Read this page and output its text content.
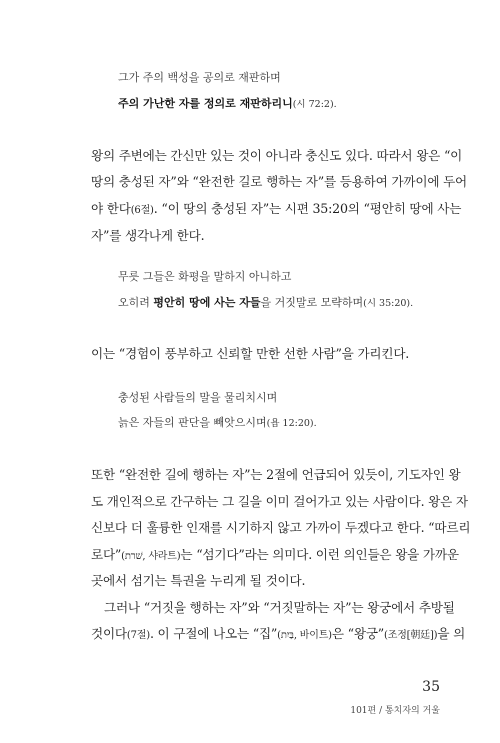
그가 주의 백성을 공의로 재판하며
주의 가난한 자를 정의로 재판하리니(시 72:2).
왕의 주변에는 간신만 있는 것이 아니라 충신도 있다. 따라서 왕은 “이
땅의 충성된 자”와 “완전한 길로 행하는 자”를 등용하여 가까이에 두어
야 한다(6절). “이 땅의 충성된 자”는 시편 35:20의 “평안히 땅에 사는
자”를 생각나게 한다.
무릇 그들은 화평을 말하지 아니하고
오히려 평안히 땅에 사는 자들을 거짓말로 모략하며(시 35:20).
이는 “경험이 풍부하고 신뢰할 만한 선한 사람”을 가리킨다.
충성된 사람들의 말을 물리치시며
늙은 자들의 판단을 빼앗으시며(욥 12:20).
또한 “완전한 길에 행하는 자”는 2절에 언급되어 있듯이, 기도자인 왕
도 개인적으로 간구하는 그 길을 이미 걸어가고 있는 사람이다. 왕은 자
신보다 더 훌륭한 인재를 시기하지 않고 가까이 두겠다고 한다. “따르리
로다”(שׁרת, 샤라트)는 “섬기다”라는 의미다. 이런 의인들은 왕을 가까운
곳에서 섬기는 특권을 누리게 될 것이다.
그러나 “거짓을 행하는 자”와 “거짓말하는 자”는 왕궁에서 추방될
것이다(7절). 이 구절에 나오는 “집”(בַּיִת, 바이트)은 “왕궁”(조정[朝廷])을 의
35
101편 / 통치자의 거울
